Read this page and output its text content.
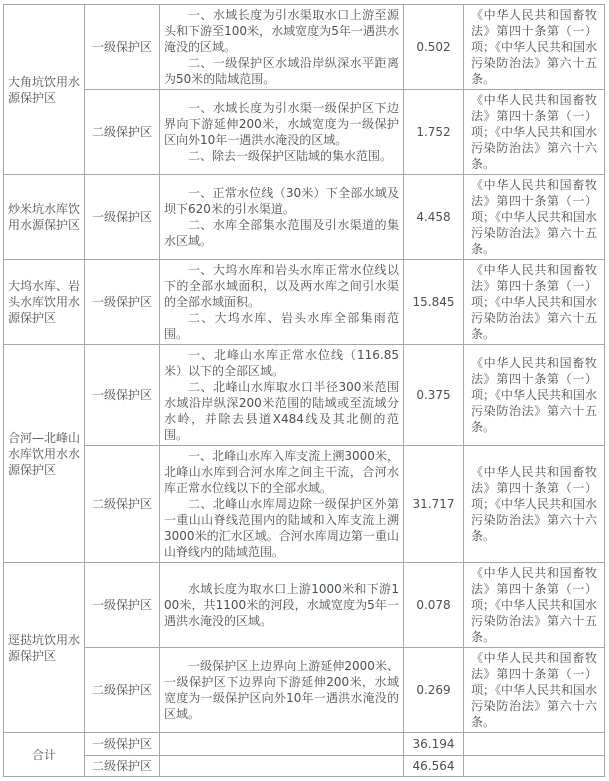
大角坑饮用水源保护区	一级保护区	一、水域长度为引水渠取水口上游至源头和下游至100米，水域宽度为5年一遇洪水淹没的区域。

二、一级保护区水域沿岸纵深水平距离为50米的陆域范围。	0.502	《中华人民共和国畜牧法》第四十条第（一）项；《中华人民共和国水污染防治法》第六十五条。
	二级保护区	一、水域长度为引水渠一级保护区下边界向下游延伸200米，水域宽度为一级保护区向外10年一遇洪水淹没的区域。

二、除去一级保护区陆域的集水范围。	1.752	《中华人民共和国畜牧法》第四十条第（一）项；《中华人民共和国水污染防治法》第六十六条。
炒米坑水库饮用水源保护区	一级保护区	一、正常水位线（30米）下全部水域及坝下620米的引水渠道。

二、水库全部集水范围及引水渠道的集水区域。	4.458	《中华人民共和国畜牧法》第四十条第（一）项；《中华人民共和国水污染防治法》第六十五条。
大坞水库、岩头水库饮用水源保护区	一级保护区	一、大坞水库和岩头水库正常水位线以下的全部水域面积，以及两水库之间引水渠的全部水域面积。

二、大坞水库、岩头水库全部集雨范围。	15.845	《中华人民共和国畜牧法》第四十条第（一）项；《中华人民共和国水污染防治法》第六十五条。
合河—北峰山水库饮用水水源保护区	一级保护区	一、北峰山水库正常水位线（116.85米）以下的全部区域。

二、北峰山水库取水口半径300米范围水域沿岸纵深200米范围的陆域或至流域分水岭，并除去县道X484线及其北侧的范围。	0.375	《中华人民共和国畜牧法》第四十条第（一）项；《中华人民共和国水污染防治法》第六十五条。
	二级保护区	一、北峰山水库入库支流上溯3000米，北峰山水库到合河水库之间主干流，合河水库正常水位线以下的全部水域。

二、北峰山水库周边除一级保护区外第一重山山脊线范围内的陆域和入库支流上溯3000米的汇水区域。合河水库周边第一重山山脊线内的陆域范围。	31.717	《中华人民共和国畜牧法》第四十条第（一）项；《中华人民共和国水污染防治法》第六十六条。
逕挞坑饮用水源保护区	一级保护区	水域长度为取水口上游1000米和下游100米，共1100米的河段，水域宽度为5年一遇洪水淹没的区域。	0.078	《中华人民共和国畜牧法》第四十条第（一）项；《中华人民共和国水污染防治法》第六十五条。
	二级保护区	一级保护区上边界向上游延伸2000米、一级保护区下边界向下游延伸200米，水域宽度为一级保护区向外10年一遇洪水淹没的区域。	0.269	《中华人民共和国畜牧法》第四十条第（一）项；《中华人民共和国水污染防治法》第六十六条。
合计	一级保护区		36.194	
	二级保护区		46.564	
